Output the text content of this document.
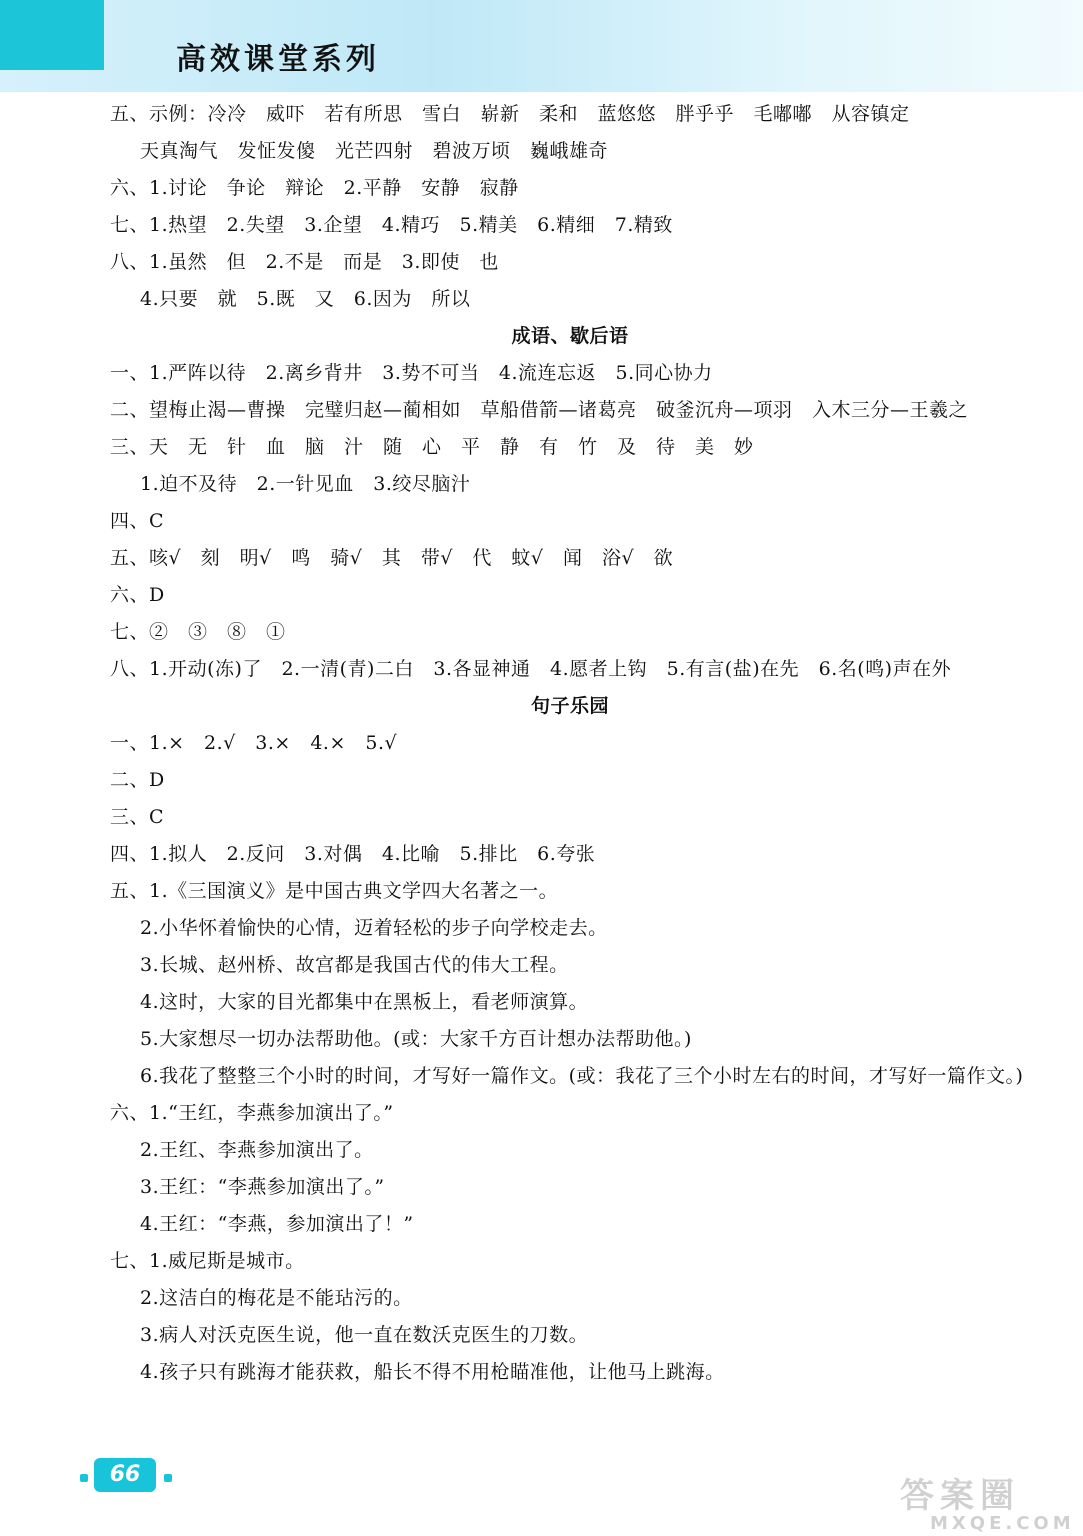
高效课堂系列
五、示例：冷冷　威吓　若有所思　雪白　崭新　柔和　蓝悠悠　胖乎乎　毛嘟嘟　从容镇定
天真淘气　发怔发傻　光芒四射　碧波万顷　巍峨雄奇
六、1.讨论　争论　辩论　2.平静　安静　寂静
七、1.热望　2.失望　3.企望　4.精巧　5.精美　6.精细　7.精致
八、1.虽然　但　2.不是　而是　3.即使　也
4.只要　就　5.既　又　6.因为　所以
成语、歇后语
一、1.严阵以待　2.离乡背井　3.势不可当　4.流连忘返　5.同心协力
二、望梅止渴—曹操　完璧归赵—蔺相如　草船借箭—诸葛亮　破釜沉舟—项羽　入木三分—王羲之
三、天　无　针　血　脑　汁　随　心　平　静　有　竹　及　待　美　妙
1.迫不及待　2.一针见血　3.绞尽脑汁
四、C
五、咳√　刻　明√　鸣　骑√　其　带√　代　蚊√　闻　浴√　欲
六、D
七、②　③　⑧　①
八、1.开动(冻)了　2.一清(青)二白　3.各显神通　4.愿者上钩　5.有言(盐)在先　6.名(鸣)声在外
句子乐园
一、1.×　2.√　3.×　4.×　5.√
二、D
三、C
四、1.拟人　2.反问　3.对偶　4.比喻　5.排比　6.夸张
五、1.《三国演义》是中国古典文学四大名著之一。
2.小华怀着愉快的心情，迈着轻松的步子向学校走去。
3.长城、赵州桥、故宫都是我国古代的伟大工程。
4.这时，大家的目光都集中在黑板上，看老师演算。
5.大家想尽一切办法帮助他。(或：大家千方百计想办法帮助他。)
6.我花了整整三个小时的时间，才写好一篇作文。(或：我花了三个小时左右的时间，才写好一篇作文。)
六、1.“王红，李燕参加演出了。”
2.王红、李燕参加演出了。
3.王红：“李燕参加演出了。”
4.王红：“李燕，参加演出了！”
七、1.威尼斯是城市。
2.这洁白的梅花是不能玷污的。
3.病人对沃克医生说，他一直在数沃克医生的刀数。
4.孩子只有跳海才能获救，船长不得不用枪瞄准他，让他马上跳海。
66
答案圈
MXQE.COM
